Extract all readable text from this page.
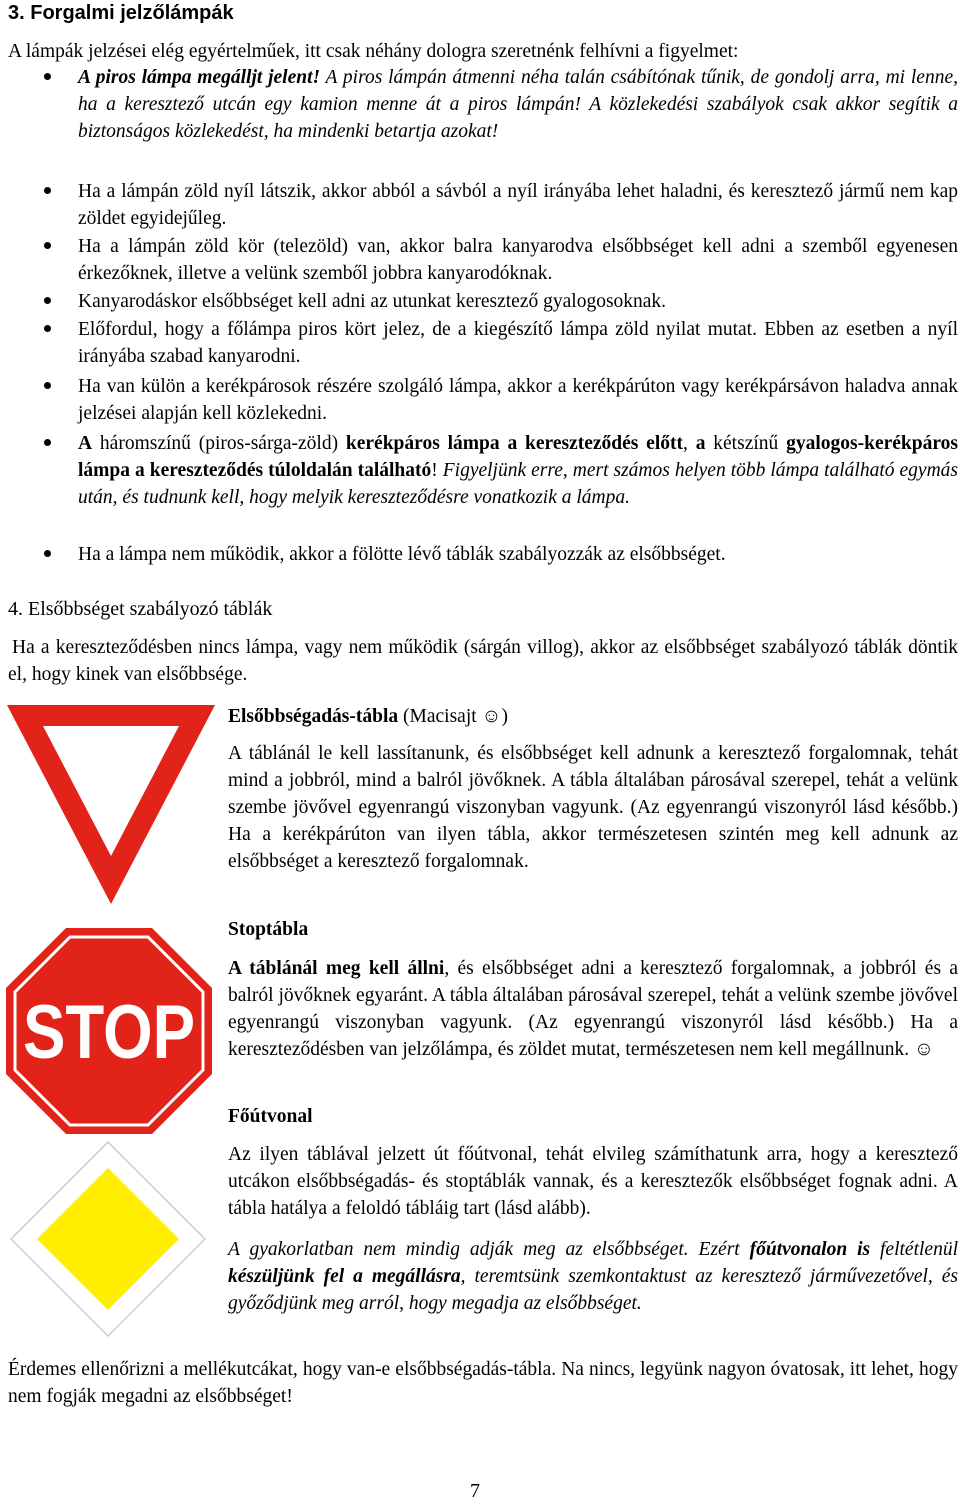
3. Forgalmi jelzőlámpák

A lámpák jelzései elég egyértelműek, itt csak néhány dologra szeretnénk felhívni a figyelmet:

A piros lámpa megálljt jelent! A piros lámpán átmenni néha talán csábítónak tűnik, de gondolj arra, mi lenne, ha a keresztező utcán egy kamion menne át a piros lámpán! A közlekedési szabályok csak akkor segítik a biztonságos közlekedést, ha mindenki betartja azokat!

Ha a lámpán zöld nyíl látszik, akkor abból a sávból a nyíl irányába lehet haladni, és keresztező jármű nem kap zöldet egyidejűleg.

Ha a lámpán zöld kör (telezöld) van, akkor balra kanyarodva elsőbbséget kell adni a szemből egyenesen érkezőknek, illetve a velünk szemből jobbra kanyarodóknak.

Kanyarodáskor elsőbbséget kell adni az utunkat keresztező gyalogosoknak.

Előfordul, hogy a főlámpa piros kört jelez, de a kiegészítő lámpa zöld nyilat mutat. Ebben az esetben a nyíl irányába szabad kanyarodni.

Ha van külön a kerékpárosok részére szolgáló lámpa, akkor a kerékpárúton vagy kerékpársávon haladva annak jelzései alapján kell közlekedni.

A háromszínű (piros-sárga-zöld) kerékpáros lámpa a kereszteződés előtt, a kétszínű gyalogos-kerékpáros lámpa a kereszteződés túloldalán található! Figyeljünk erre, mert számos helyen több lámpa található egymás után, és tudnunk kell, hogy melyik kereszteződésre vonatkozik a lámpa.

Ha a lámpa nem működik, akkor a fölötte lévő táblák szabályozzák az elsőbbséget.

4. Elsőbbséget szabályozó táblák

Ha a kereszteződésben nincs lámpa, vagy nem működik (sárgán villog), akkor az elsőbbséget szabályozó táblák döntik el, hogy kinek van elsőbbsége.

Elsőbbségadás-tábla (Macisajt ☺)

A táblánál le kell lassítanunk, és elsőbbséget kell adnunk a keresztező forgalomnak, tehát mind a jobbról, mind a balról jövőknek. A tábla általában párosával szerepel, tehát a velünk szembe jövővel egyenrangú viszonyban vagyunk. (Az egyenrangú viszonyról lásd később.) Ha a kerékpárúton van ilyen tábla, akkor természetesen szintén meg kell adnunk az elsőbbséget a keresztező forgalomnak.

STOP
Stoptábla

A táblánál meg kell állni, és elsőbbséget adni a keresztező forgalomnak, a jobbról és a balról jövőknek egyaránt. A tábla általában párosával szerepel, tehát a velünk szembe jövővel egyenrangú viszonyban vagyunk. (Az egyenrangú viszonyról lásd később.) Ha a kereszteződésben van jelzőlámpa, és zöldet mutat, természetesen nem kell megállnunk. ☺

Főútvonal

Az ilyen táblával jelzett út főútvonal, tehát elvileg számíthatunk arra, hogy a keresztező utcákon elsőbbségadás- és stoptáblák vannak, és a keresztezők elsőbbséget fognak adni. A tábla hatálya a feloldó tábláig tart (lásd alább).

A gyakorlatban nem mindig adják meg az elsőbbséget. Ezért főútvonalon is feltétlenül készüljünk fel a megállásra, teremtsünk szemkontaktust az keresztező járművezetővel, és győződjünk meg arról, hogy megadja az elsőbbséget.

Érdemes ellenőrizni a mellékutcákat, hogy van-e elsőbbségadás-tábla. Na nincs, legyünk nagyon óvatosak, itt lehet, hogy nem fogják megadni az elsőbbséget!

7
